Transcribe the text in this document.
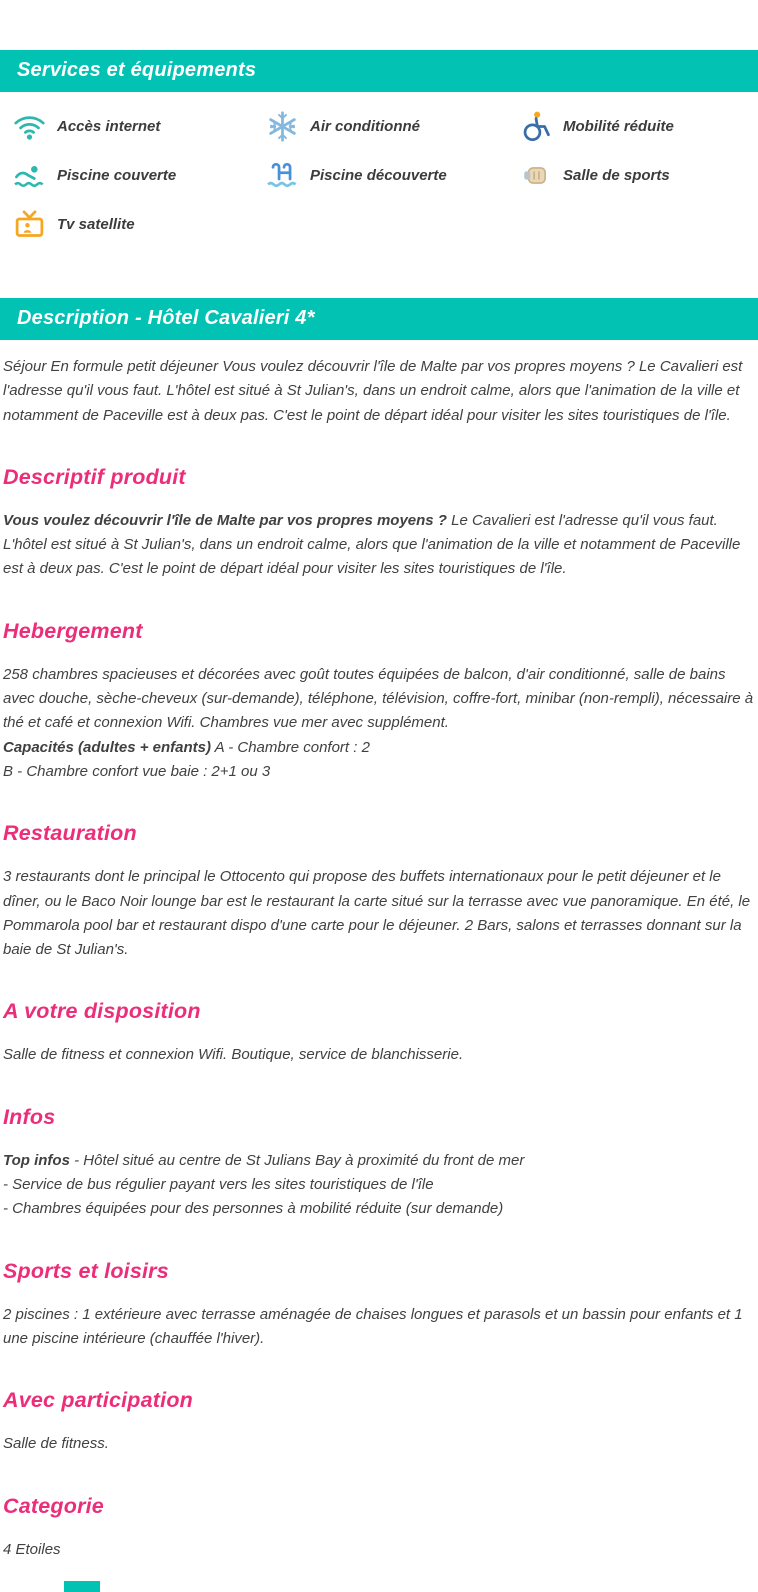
Services et équipements
Accès internet	Air conditionné	Mobilité réduite
Piscine couverte	Piscine découverte	Salle de sports
Tv satellite
Description - Hôtel Cavalieri 4*

Séjour En formule petit déjeuner Vous voulez découvrir l'île de Malte par vos propres moyens ? Le Cavalieri est l'adresse qu'il vous faut. L'hôtel est situé à St Julian's, dans un endroit calme, alors que l'animation de la ville et notamment de Paceville est à deux pas. C'est le point de départ idéal pour visiter les sites touristiques de l'île.

Descriptif produit

Vous voulez découvrir l'île de Malte par vos propres moyens ? Le Cavalieri est l'adresse qu'il vous faut. L'hôtel est situé à St Julian's, dans un endroit calme, alors que l'animation de la ville et notamment de Paceville est à deux pas. C'est le point de départ idéal pour visiter les sites touristiques de l'île.

Hebergement

258 chambres spacieuses et décorées avec goût toutes équipées de balcon, d'air conditionné, salle de bains avec douche, sèche-cheveux (sur-demande), téléphone, télévision, coffre-fort, minibar (non-rempli), nécessaire à thé et café et connexion Wifi. Chambres vue mer avec supplément.

Capacités (adultes + enfants) A - Chambre confort : 2

B - Chambre confort vue baie : 2+1 ou 3

Restauration

3 restaurants dont le principal le Ottocento qui propose des buffets internationaux pour le petit déjeuner et le dîner, ou le Baco Noir lounge bar est le restaurant la carte situé sur la terrasse avec vue panoramique. En été, le Pommarola pool bar et restaurant dispo d'une carte pour le déjeuner. 2 Bars, salons et terrasses donnant sur la baie de St Julian's.

A votre disposition

Salle de fitness et connexion Wifi. Boutique, service de blanchisserie.

Infos

Top infos - Hôtel situé au centre de St Julians Bay à proximité du front de mer

- Service de bus régulier payant vers les sites touristiques de l'île

- Chambres équipées pour des personnes à mobilité réduite (sur demande)

Sports et loisirs

2 piscines : 1 extérieure avec terrasse aménagée de chaises longues et parasols et un bassin pour enfants et 1 une piscine intérieure (chauffée l'hiver).

Avec participation

Salle de fitness.

Categorie

4 Etoiles
